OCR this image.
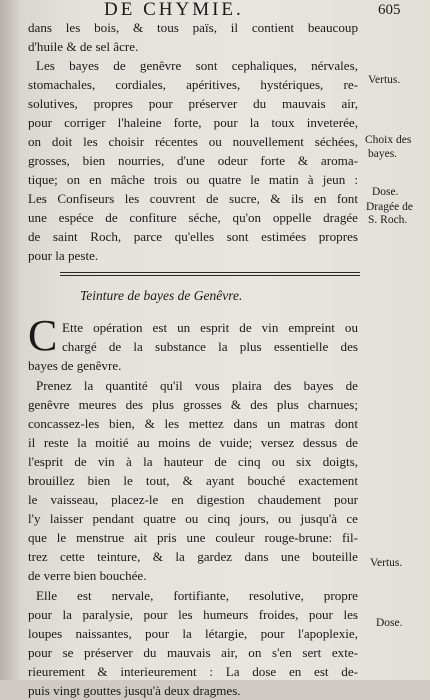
DE CHYMIE.	605
dans les bois, & tous païs, il contient beaucoup
d'huile & de sel âcre.
Les bayes de genêvre sont cephaliques, nérvales,
stomachales, cordiales, apéritives, hystériques, re-
solutives, propres pour préserver du mauvais air,
pour corriger l'haleine forte, pour la toux inveterée,
on doit les choisir récentes ou nouvellement séchées,
grosses, bien nourries, d'une odeur forte & aroma-
tique; on en mâche trois ou quatre le matin à jeun :
Les Confiseurs les couvrent de sucre, & ils en font
une espéce de confiture séche, qu'on oppelle dragée
de saint Roch, parce qu'elles sont estimées propres
pour la peste.
Vertus.
Choix des
bayes.
Dose.
Dragée de
S. Roch.
Teinture de bayes de Genêvre.
C Ette opération est un esprit de vin empreint ou
chargé de la substance la plus essentielle des
bayes de genêvre.
Prenez la quantité qu'il vous plaira des bayes de
genêvre meures des plus grosses & des plus charnues;
concassez-les bien, & les mettez dans un matras dont
il reste la moitié au moins de vuide; versez dessus de
l'esprit de vin à la hauteur de cinq ou six doigts,
brouillez bien le tout, & ayant bouché exactement
le vaisseau, placez-le en digestion chaudement pour
l'y laisser pendant quatre ou cinq jours, ou jusqu'à ce
que le menstrue ait pris une couleur rouge-brune: fil-
trez cette teinture, & la gardez dans une bouteille
de verre bien bouchée.
Elle est nervale, fortifiante, resolutive, propre
pour la paralysie, pour les humeurs froides, pour les
loupes naissantes, pour la létargie, pour l'apoplexie,
pour se préserver du mauvais air, on s'en sert exte-
rieurement & interieurement : La dose en est de-
puis vingt gouttes jusqu'à deux dragmes.
Vertus.
Dose.
